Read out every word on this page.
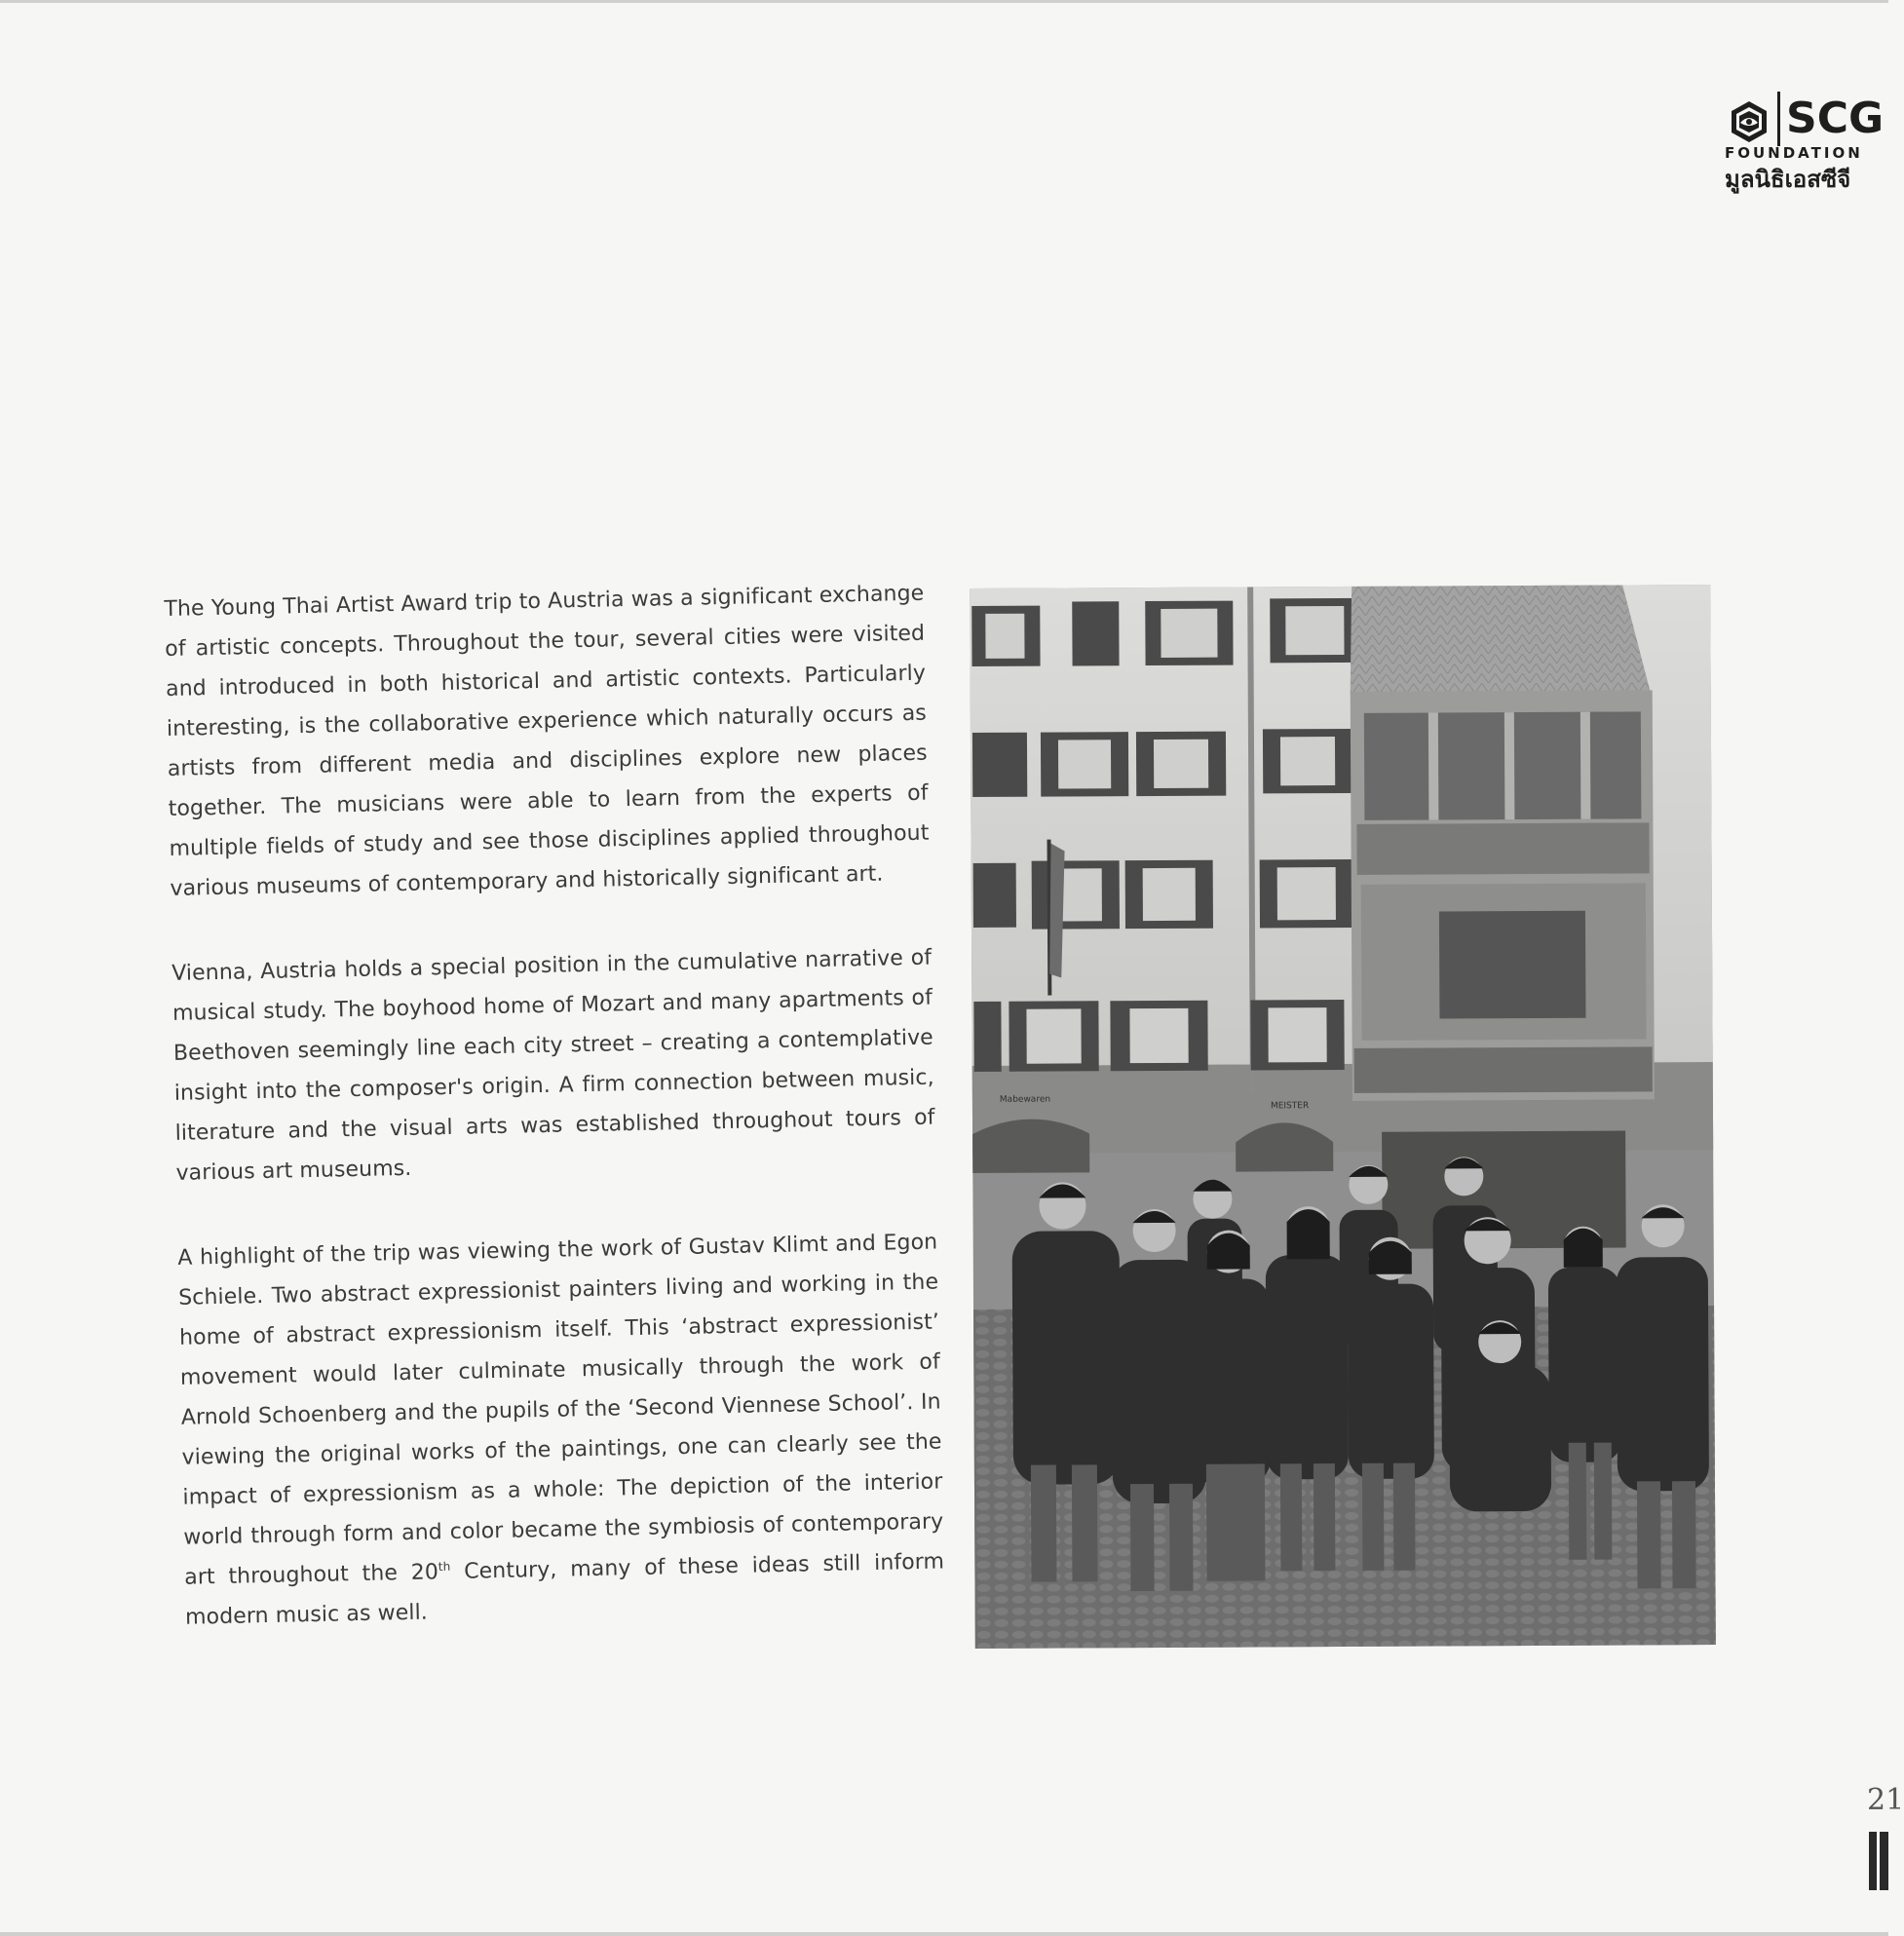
SCG
FOUNDATION
มูลนิธิเอสซีจี

The Young Thai Artist Award trip to Austria was a significant exchange of artistic concepts. Throughout the tour, several cities were visited and introduced in both historical and artistic contexts. Particularly interesting, is the collaborative experience which naturally occurs as artists from different media and disciplines explore new places together. The musicians were able to learn from the experts of multiple fields of study and see those disciplines applied throughout various museums of contemporary and historically significant art.

Vienna, Austria holds a special position in the cumulative narrative of musical study. The boyhood home of Mozart and many apartments of Beethoven seemingly line each city street – creating a contemplative insight into the composer's origin. A firm connection between music, literature and the visual arts was established throughout tours of various art museums.

A highlight of the trip was viewing the work of Gustav Klimt and Egon Schiele. Two abstract expressionist painters living and working in the home of abstract expressionism itself. This ‘abstract expressionist’ movement would later culminate musically through the work of Arnold Schoenberg and the pupils of the ‘Second Viennese School’. In viewing the original works of the paintings, one can clearly see the impact of expressionism as a whole: The depiction of the interior world through form and color became the symbiosis of contemporary art throughout the 20th Century, many of these ideas still inform modern music as well.

Mabewaren
MEISTER
21
